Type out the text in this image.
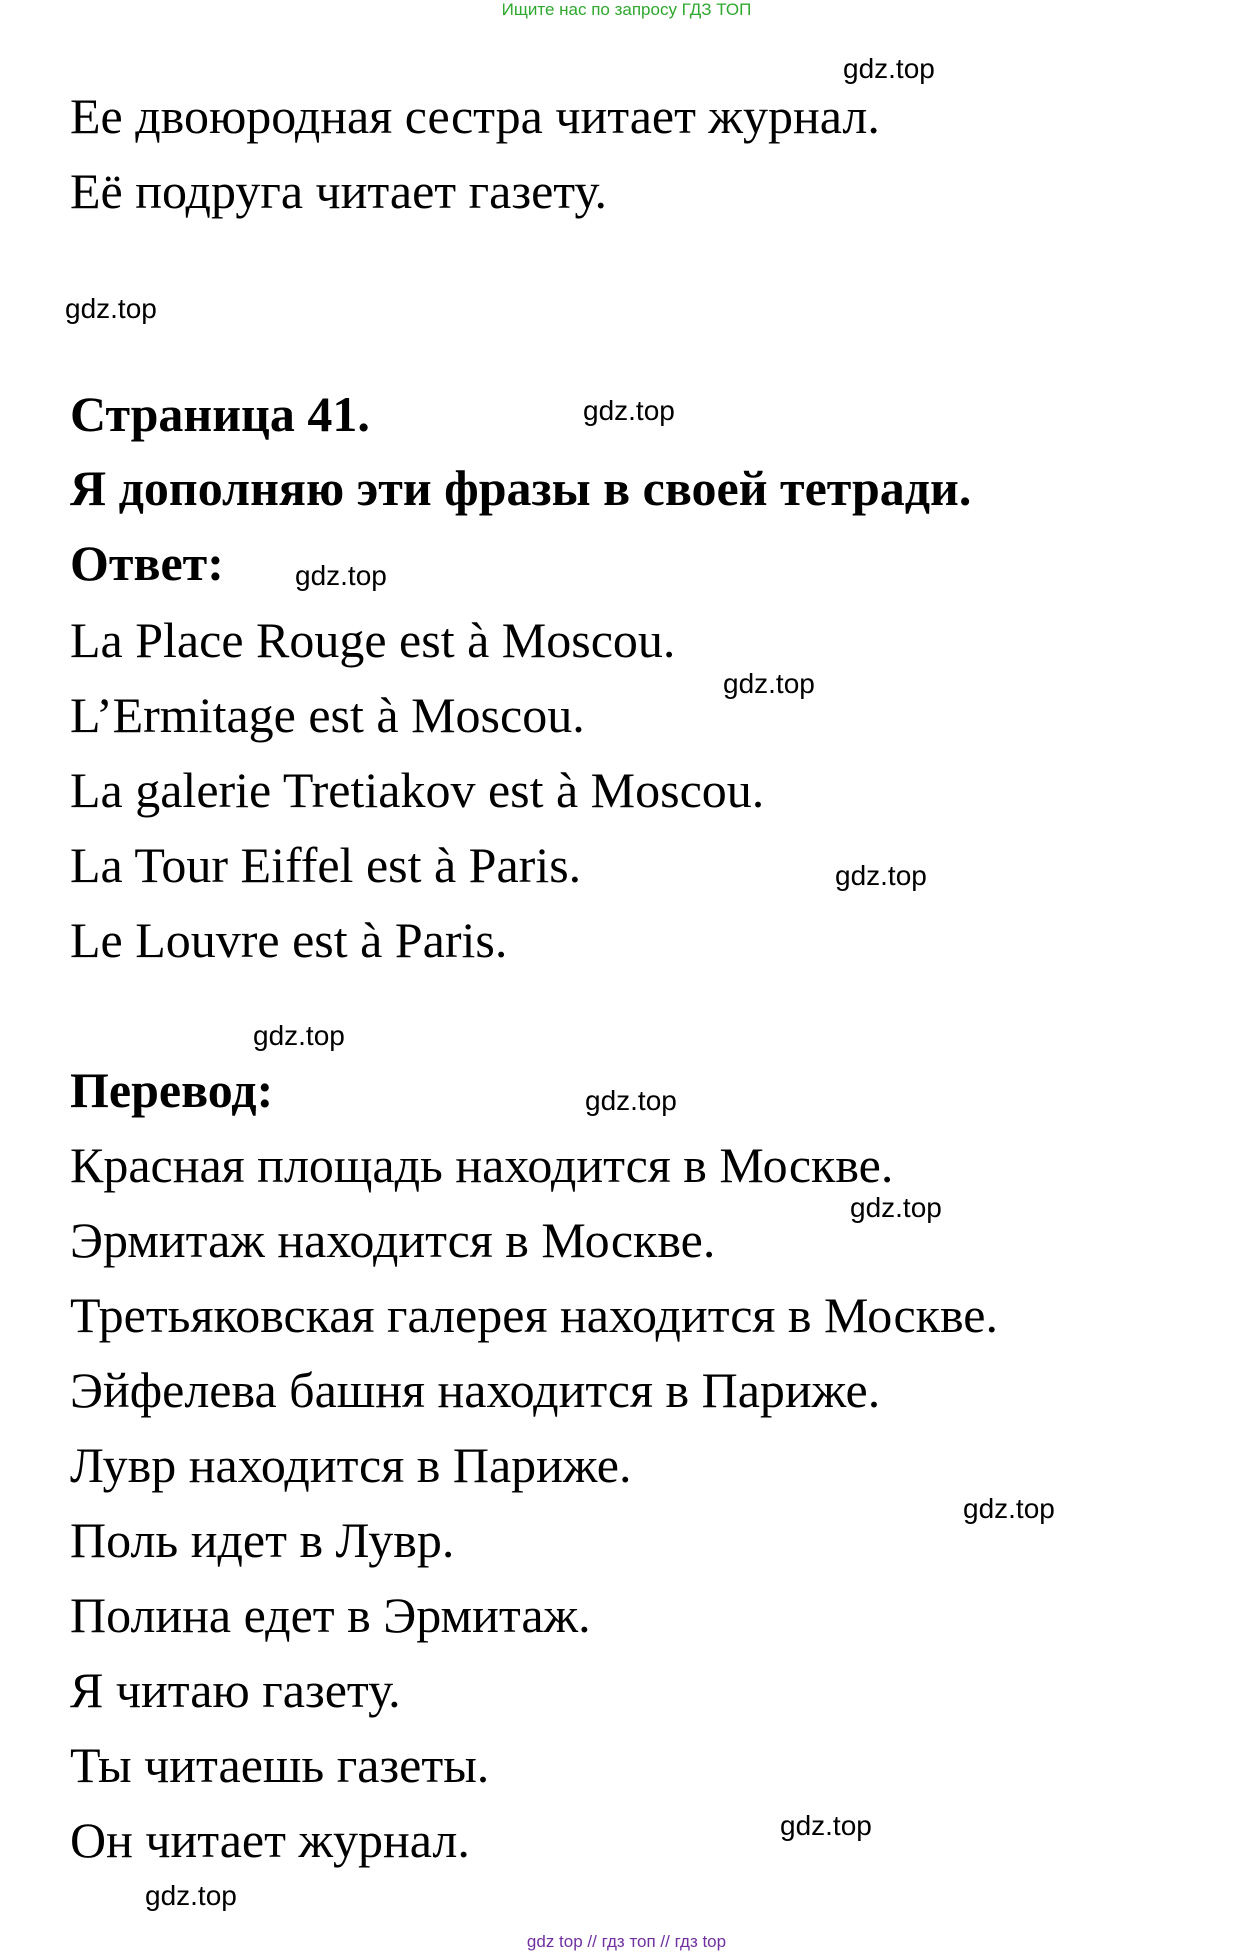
Ищите нас по запросу ГДЗ ТОП
Ее двоюродная сестра читает журнал.
Её подруга читает газету.
Страница 41.
Я дополняю эти фразы в своей тетради.
Ответ:
La Place Rouge est à Moscou.
L’Ermitage est à Moscou.
La galerie Tretiakov est à Moscou.
La Tour Eiffel est à Paris.
Le Louvre est à Paris.
Перевод:
Красная площадь находится в Москве.
Эрмитаж находится в Москве.
Третьяковская галерея находится в Москве.
Эйфелева башня находится в Париже.
Лувр находится в Париже.
Поль идет в Лувр.
Полина едет в Эрмитаж.
Я читаю газету.
Ты читаешь газеты.
Он читает журнал.
gdz.top
gdz.top
gdz.top
gdz.top
gdz.top
gdz.top
gdz.top
gdz.top
gdz.top
gdz.top
gdz.top
gdz.top
gdz top // гдз топ // гдз top
